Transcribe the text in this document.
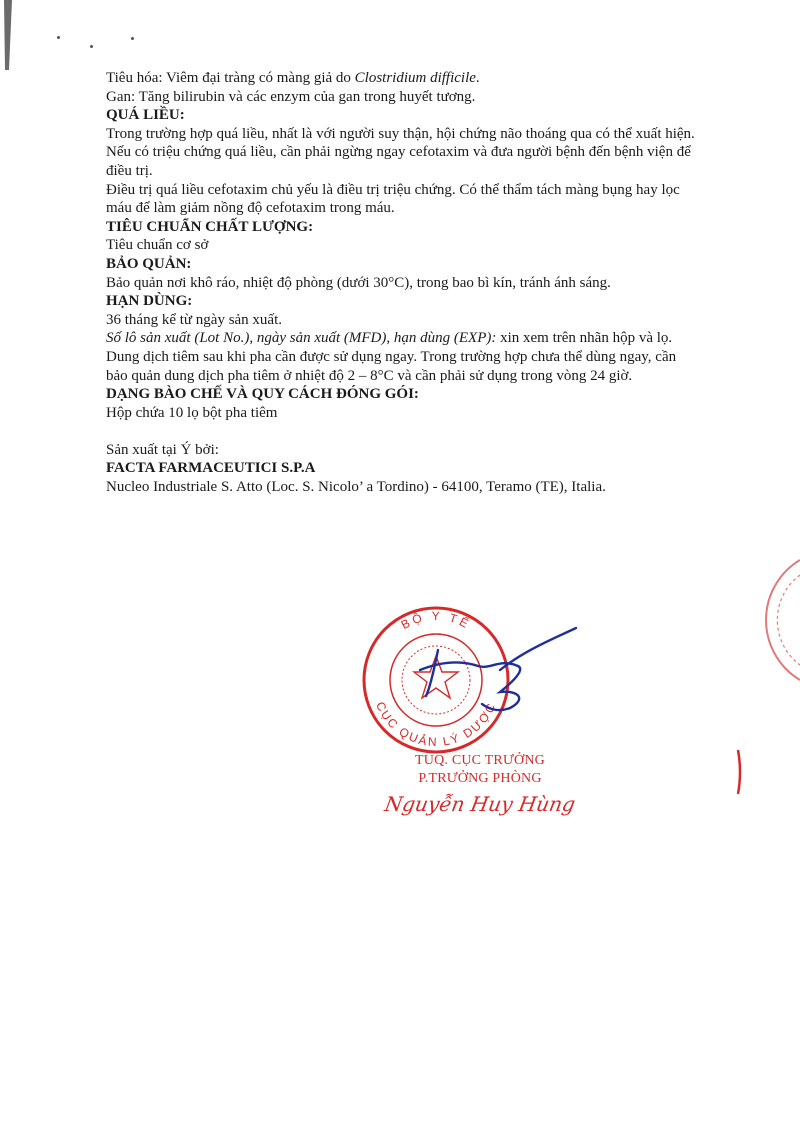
Tiêu hóa: Viêm đại tràng có màng giả do Clostridium difficile.

Gan: Tăng bilirubin và các enzym của gan trong huyết tương.

QUÁ LIỀU:

Trong trường hợp quá liều, nhất là với người suy thận, hội chứng não thoáng qua có thể xuất hiện.

Nếu có triệu chứng quá liều, cần phải ngừng ngay cefotaxim và đưa người bệnh đến bệnh viện để

điều trị.

Điều trị quá liều cefotaxim chủ yếu là điều trị triệu chứng. Có thể thẩm tách màng bụng hay lọc

máu để làm giảm nồng độ cefotaxim trong máu.

TIÊU CHUẨN CHẤT LƯỢNG:

Tiêu chuẩn cơ sở

BẢO QUẢN:

Bảo quản nơi khô ráo, nhiệt độ phòng (dưới 30°C), trong bao bì kín, tránh ánh sáng.

HẠN DÙNG:

36 tháng kể từ ngày sản xuất.

Số lô sản xuất (Lot No.), ngày sản xuất (MFD), hạn dùng (EXP): xin xem trên nhãn hộp và lọ.

Dung dịch tiêm sau khi pha cần được sử dụng ngay. Trong trường hợp chưa thể dùng ngay, cần

bảo quản dung dịch pha tiêm ở nhiệt độ 2 – 8°C và cần phải sử dụng trong vòng 24 giờ.

DẠNG BÀO CHẾ VÀ QUY CÁCH ĐÓNG GÓI:

Hộp chứa 10 lọ bột pha tiêm

Sản xuất tại Ý bởi:

FACTA FARMACEUTICI S.P.A

Nucleo Industriale S. Atto (Loc. S. Nicolo’ a Tordino) - 64100, Teramo (TE), Italia.

BỘ Y TẾ
CỤC QUẢN LÝ DƯỢC
TUQ. CỤC TRƯỞNG
P.TRƯỞNG PHÒNG
Nguyễn Huy Hùng
